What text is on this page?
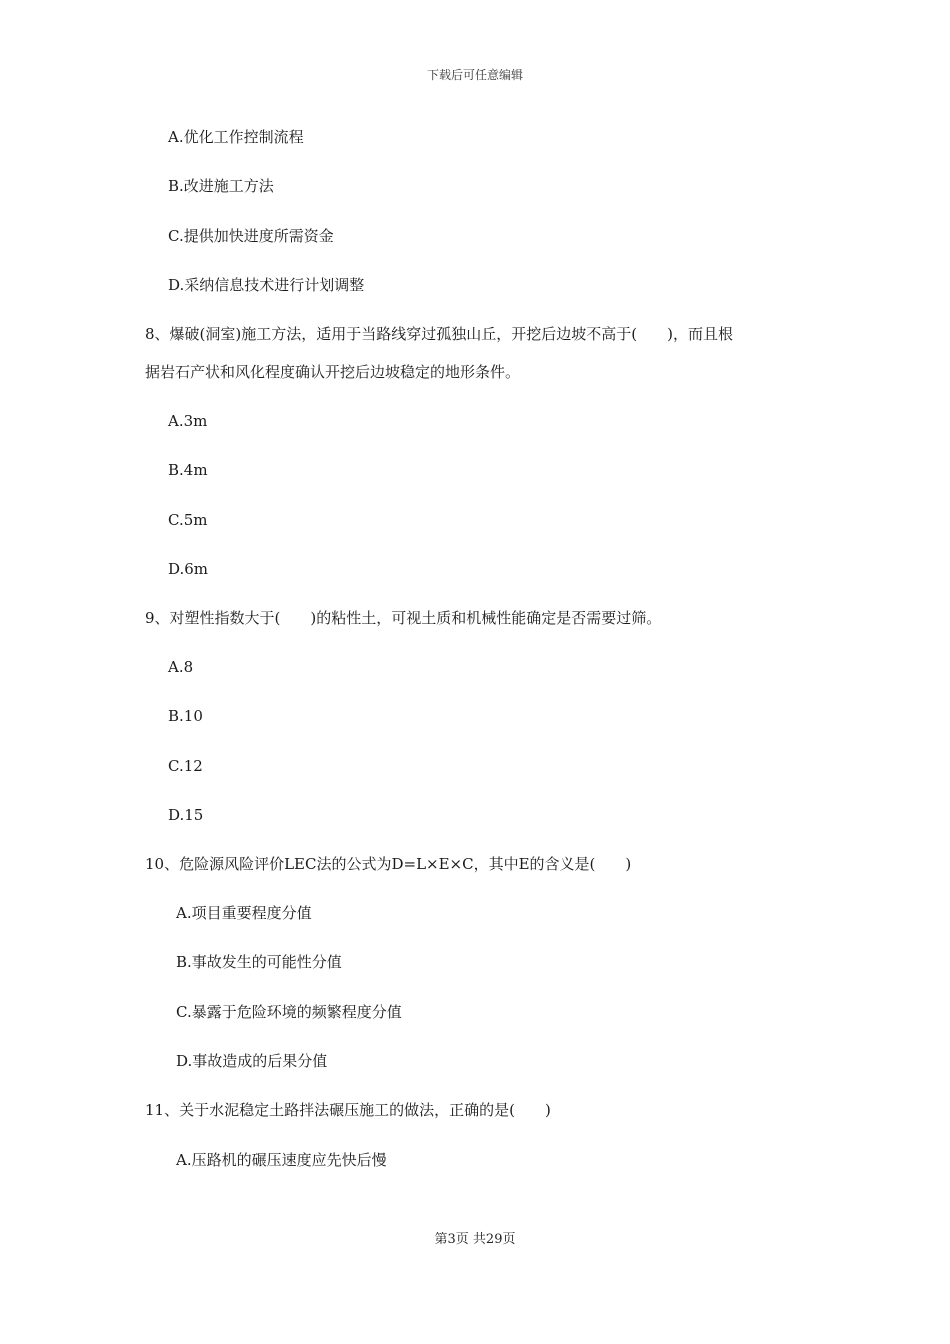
下载后可任意编辑
A.优化工作控制流程
B.改进施工方法
C.提供加快进度所需资金
D.采纳信息技术进行计划调整
8、爆破(洞室)施工方法，适用于当路线穿过孤独山丘，开挖后边坡不高于(　　)，而且根
据岩石产状和风化程度确认开挖后边坡稳定的地形条件。
A.3m
B.4m
C.5m
D.6m
9、对塑性指数大于(　　)的粘性土，可视土质和机械性能确定是否需要过筛。
A.8
B.10
C.12
D.15
10、危险源风险评价LEC法的公式为D=L×E×C，其中E的含义是(　　)
A.项目重要程度分值
B.事故发生的可能性分值
C.暴露于危险环境的频繁程度分值
D.事故造成的后果分值
11、关于水泥稳定土路拌法碾压施工的做法，正确的是(　　)
A.压路机的碾压速度应先快后慢
第3页 共29页
